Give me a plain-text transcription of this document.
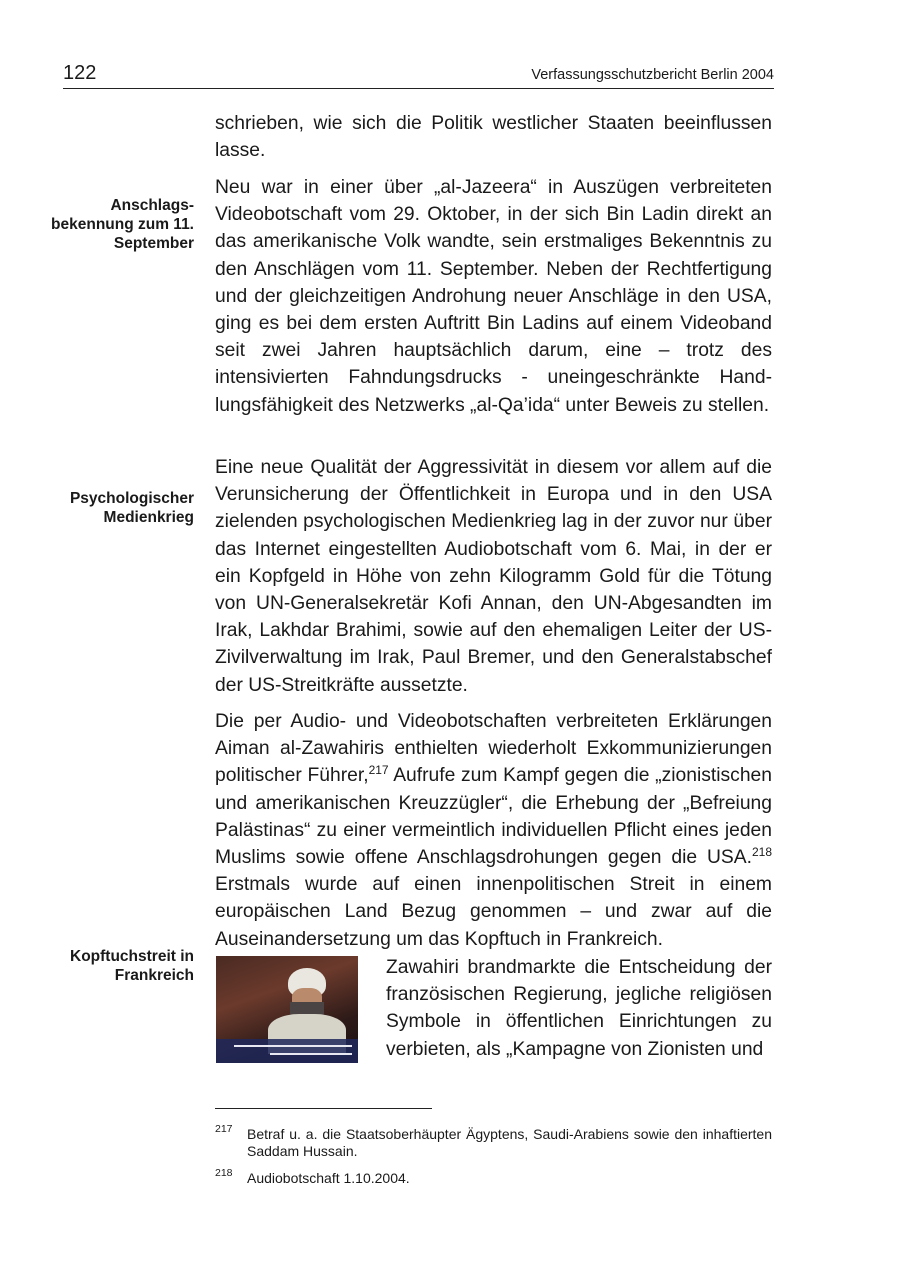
122	Verfassungsschutzbericht Berlin 2004

schrieben, wie sich die Politik westlicher Staaten beeinflussen lasse.

Anschlags- bekennung zum 11. September

Neu war in einer über „al-Jazeera“ in Auszügen verbreiteten Videobotschaft vom 29. Oktober, in der sich Bin Ladin direkt an das amerikanische Volk wandte, sein erstmaliges Bekenntnis zu den Anschlägen vom 11. September. Neben der Rechtfertigung und der gleichzeitigen Androhung neuer Anschläge in den USA, ging es bei dem ersten Auftritt Bin Ladins auf einem Videoband seit zwei Jahren hauptsächlich darum, eine – trotz des intensivierten Fahndungsdrucks - uneingeschränkte Handlungsfähigkeit des Netzwerks „al-Qa’ida“ unter Beweis zu stellen.

Psychologischer Medienkrieg

Eine neue Qualität der Aggressivität in diesem vor allem auf die Verunsicherung der Öffentlichkeit in Europa und in den USA zielenden psychologischen Medienkrieg lag in der zuvor nur über das Internet eingestellten Audiobotschaft vom 6. Mai, in der er ein Kopfgeld in Höhe von zehn Kilogramm Gold für die Tötung von UN-Generalsekretär Kofi Annan, den UN-Abgesandten im Irak, Lakhdar Brahimi, sowie auf den ehemaligen Leiter der US-Zivilverwaltung im Irak, Paul Bremer, und den Generalstabschef der US-Streitkräfte aussetzte.

Die per Audio- und Videobotschaften verbreiteten Erklärungen Aiman al-Zawahiris enthielten wiederholt Exkommunizierungen politischer Führer,$^{217}$ Aufrufe zum Kampf gegen die „zionistischen und amerikanischen Kreuzzügler“, die Erhebung der „Befreiung Palästinas“ zu einer vermeintlich individuellen Pflicht eines jeden Muslims sowie offene Anschlagsdrohungen gegen die USA.$^{218}$ Erstmals wurde auf einen innenpolitischen Streit in einem europäischen Land Bezug genommen – und zwar auf die Auseinandersetzung um das Kopftuch in Frankreich.

Kopftuchstreit in Frankreich	Zawahiri brandmarkte die Entscheidung der französischen Regierung, jegliche religiösen Symbole in öffentlichen Einrichtungen zu verbieten, als „Kampagne von Zionisten und

217 Betraf u. a. die Staatsoberhäupter Ägyptens, Saudi-Arabiens sowie den inhaftierten Saddam Hussain.
218 Audiobotschaft 1.10.2004.
